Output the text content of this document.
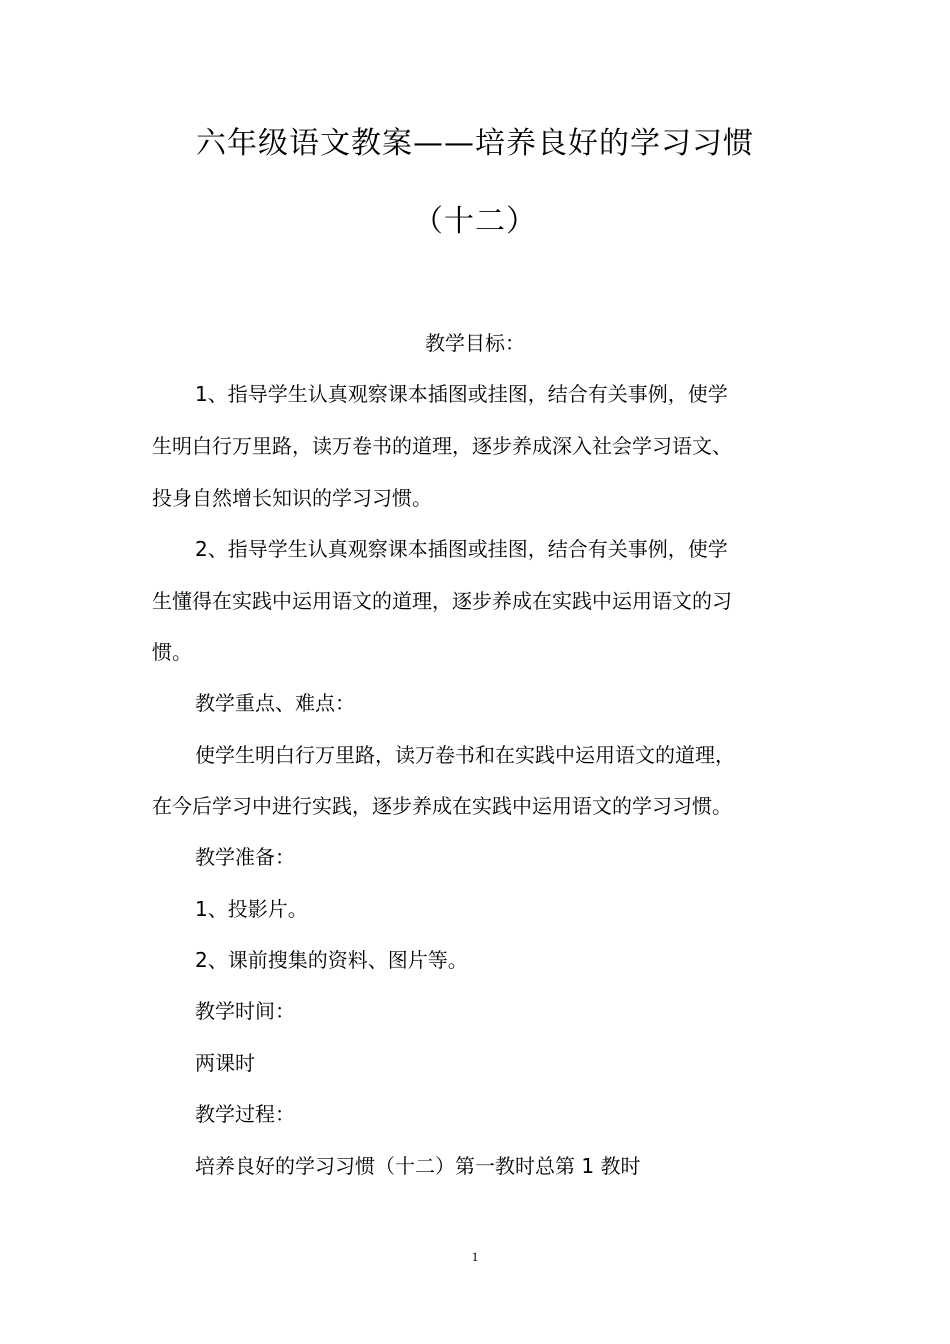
六年级语文教案——培养良好的学习习惯
（十二）
教学目标：
1、指导学生认真观察课本插图或挂图，结合有关事例，使学
生明白行万里路，读万卷书的道理，逐步养成深入社会学习语文、
投身自然增长知识的学习习惯。
2、指导学生认真观察课本插图或挂图，结合有关事例，使学
生懂得在实践中运用语文的道理，逐步养成在实践中运用语文的习
惯。
教学重点、难点：
使学生明白行万里路，读万卷书和在实践中运用语文的道理，
在今后学习中进行实践，逐步养成在实践中运用语文的学习习惯。
教学准备：
1、投影片。
2、课前搜集的资料、图片等。
教学时间：
两课时
教学过程：
培养良好的学习习惯（十二）第一教时总第 1 教时
1
